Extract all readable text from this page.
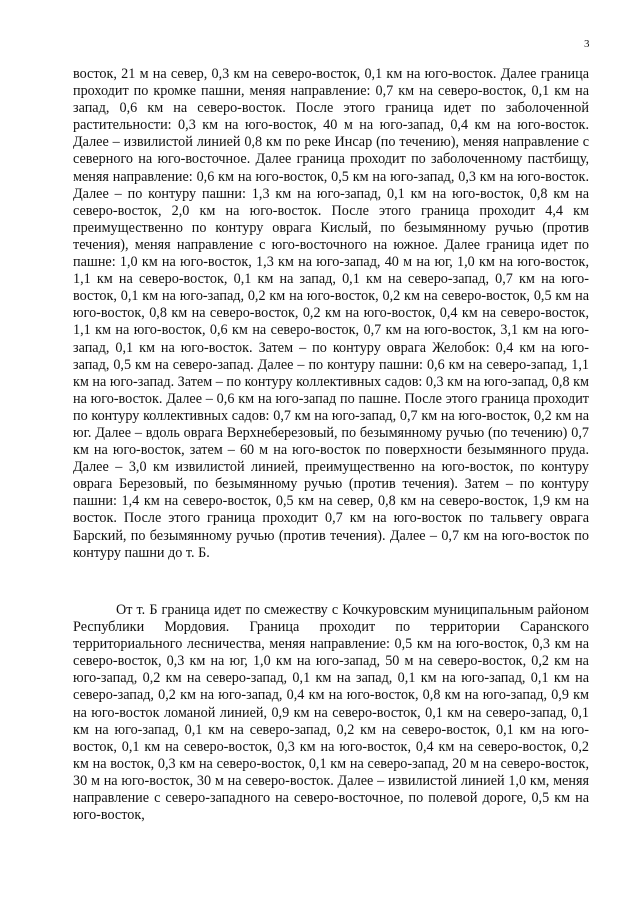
3

восток, 21 м на север, 0,3 км на северо-восток, 0,1 км на юго-восток. Далее граница проходит по кромке пашни, меняя направление: 0,7 км на северо-восток, 0,1 км на запад, 0,6 км на северо-восток. После этого граница идет по заболоченной растительности: 0,3 км на юго-восток, 40 м на юго-запад, 0,4 км на юго-восток. Далее – извилистой линией 0,8 км по реке Инсар (по течению), меняя направление с северного на юго-восточное. Далее граница проходит по заболоченному пастбищу, меняя направление: 0,6 км на юго-восток, 0,5 км на юго-запад, 0,3 км на юго-восток. Далее – по контуру пашни: 1,3 км на юго-запад, 0,1 км на юго-восток, 0,8 км на северо-восток, 2,0 км на юго-восток. После этого граница проходит 4,4 км преимущественно по контуру оврага Кислый, по безымянному ручью (против течения), меняя направление с юго-восточного на южное. Далее граница идет по пашне: 1,0 км на юго-восток, 1,3 км на юго-запад, 40 м на юг, 1,0 км на юго-восток, 1,1 км на северо-восток, 0,1 км на запад, 0,1 км на северо-запад, 0,7 км на юго-восток, 0,1 км на юго-запад, 0,2 км на юго-восток, 0,2 км на северо-восток, 0,5 км на юго-восток, 0,8 км на северо-восток, 0,2 км на юго-восток, 0,4 км на северо-восток, 1,1 км на юго-восток, 0,6 км на северо-восток, 0,7 км на юго-восток, 3,1 км на юго-запад, 0,1 км на юго-восток. Затем – по контуру оврага Желобок: 0,4 км на юго-запад, 0,5 км на северо-запад. Далее – по контуру пашни: 0,6 км на северо-запад, 1,1 км на юго-запад. Затем – по контуру коллективных садов: 0,3 км на юго-запад, 0,8 км на юго-восток. Далее – 0,6 км на юго-запад по пашне. После этого граница проходит по контуру коллективных садов: 0,7 км на юго-запад, 0,7 км на юго-восток, 0,2 км на юг. Далее – вдоль оврага Верхнеберезовый, по безымянному ручью (по течению) 0,7 км на юго-восток, затем – 60 м на юго-восток по поверхности безымянного пруда. Далее – 3,0 км извилистой линией, преимущественно на юго-восток, по контуру оврага Березовый, по безымянному ручью (против течения). Затем – по контуру пашни: 1,4 км на северо-восток, 0,5 км на север, 0,8 км на северо-восток, 1,9 км на восток. После этого граница проходит 0,7 км на юго-восток по тальвегу оврага Барский, по безымянному ручью (против течения). Далее – 0,7 км на юго-восток по контуру пашни до т. Б.

От т. Б граница идет по смежеству с Кочкуровским муниципальным районом Республики Мордовия. Граница проходит по территории Саранского территориального лесничества, меняя направление: 0,5 км на юго-восток, 0,3 км на северо-восток, 0,3 км на юг, 1,0 км на юго-запад, 50 м на северо-восток, 0,2 км на юго-запад, 0,2 км на северо-запад, 0,1 км на запад, 0,1 км на юго-запад, 0,1 км на северо-запад, 0,2 км на юго-запад, 0,4 км на юго-восток, 0,8 км на юго-запад, 0,9 км на юго-восток ломаной линией, 0,9 км на северо-восток, 0,1 км на северо-запад, 0,1 км на юго-запад, 0,1 км на северо-запад, 0,2 км на северо-восток, 0,1 км на юго-восток, 0,1 км на северо-восток, 0,3 км на юго-восток, 0,4 км на северо-восток, 0,2 км на восток, 0,3 км на северо-восток, 0,1 км на северо-запад, 20 м на северо-восток, 30 м на юго-восток, 30 м на северо-восток. Далее – извилистой линией 1,0 км, меняя направление с северо-западного на северо-восточное, по полевой дороге, 0,5 км на юго-восток,
